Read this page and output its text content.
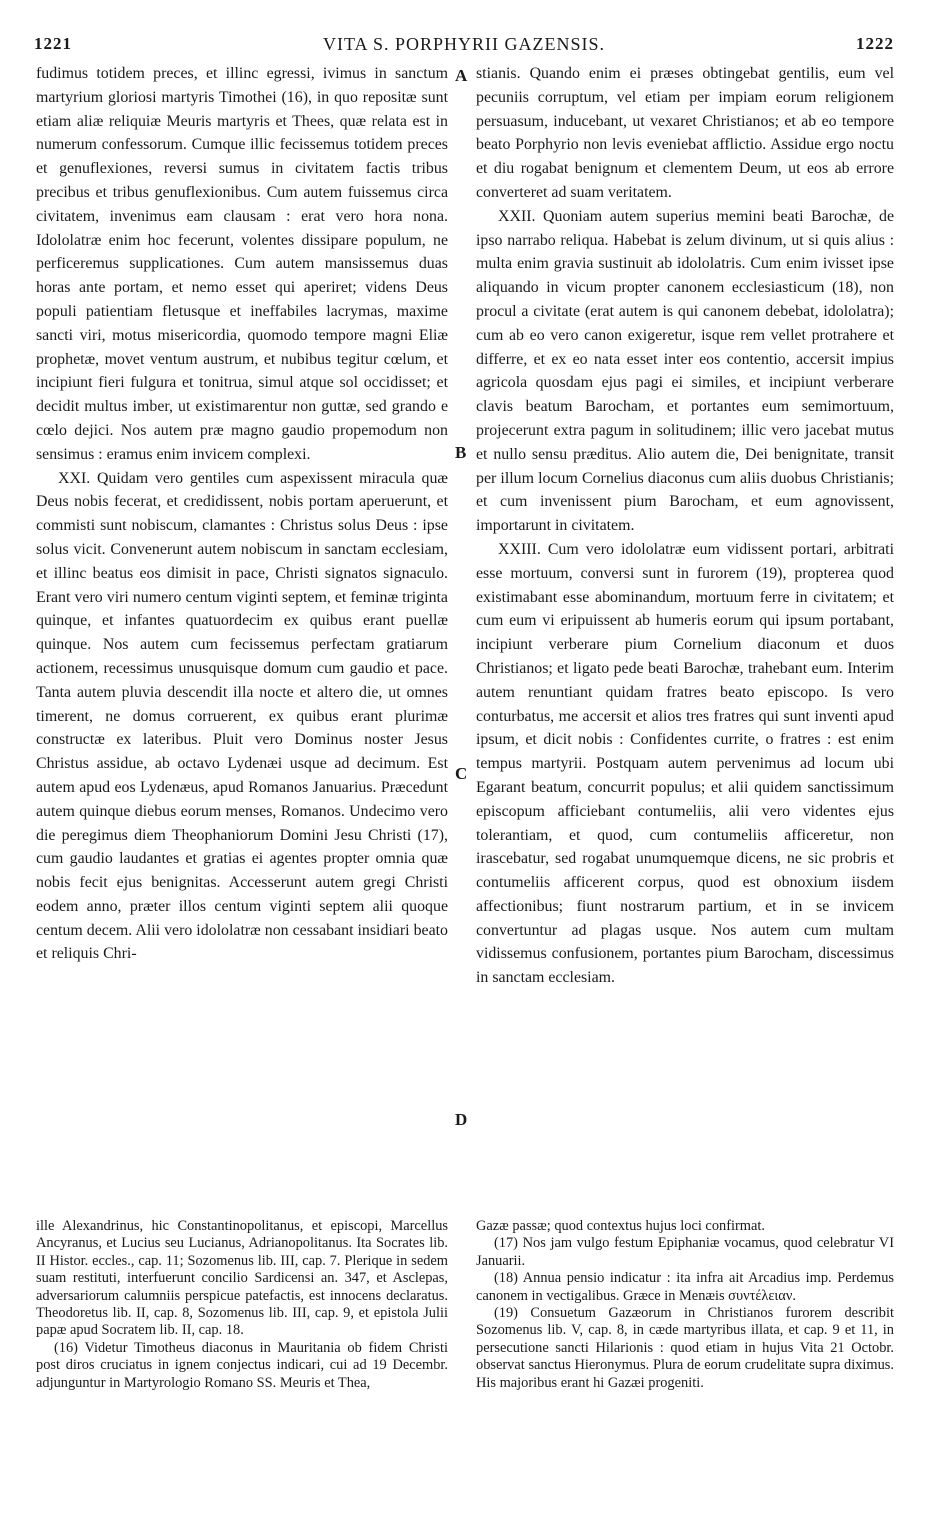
1221	VITA S. PORPHYRII GAZENSIS.	1222

fudimus totidem preces, et illinc egressi, ivimus in sanctum martyrium gloriosi martyris Timothei (16), in quo repositæ sunt etiam aliæ reliquiæ Meuris martyris et Thees, quæ relata est in numerum confessorum. Cumque illic fecissemus totidem preces et genuflexiones, reversi sumus in civitatem factis tribus precibus et tribus genuflexionibus. Cum autem fuissemus circa civitatem, invenimus eam clausam : erat vero hora nona. Idololatræ enim hoc fecerunt, volentes dissipare populum, ne perficeremus supplicationes. Cum autem mansissemus duas horas ante portam, et nemo esset qui aperiret; videns Deus populi patientiam fletusque et ineffabiles lacrymas, maxime sancti viri, motus misericordia, quomodo tempore magni Eliæ prophetæ, movet ventum austrum, et nubibus tegitur cœlum, et incipiunt fieri fulgura et tonitrua, simul atque sol occidisset; et decidit multus imber, ut existimarentur non guttæ, sed grando e cœlo dejici. Nos autem præ magno gaudio propemodum non sensimus : eramus enim invicem complexi.

XXI. Quidam vero gentiles cum aspexissent miracula quæ Deus nobis fecerat, et credidissent, nobis portam aperuerunt, et commisti sunt nobiscum, clamantes : Christus solus Deus : ipse solus vicit. Convenerunt autem nobiscum in sanctam ecclesiam, et illinc beatus eos dimisit in pace, Christi signatos signaculo. Erant vero viri numero centum viginti septem, et feminæ triginta quinque, et infantes quatuordecim ex quibus erant puellæ quinque. Nos autem cum fecissemus perfectam gratiarum actionem, recessimus unusquisque domum cum gaudio et pace. Tanta autem pluvia descendit illa nocte et altero die, ut omnes timerent, ne domus corruerent, ex quibus erant plurimæ constructæ ex lateribus. Pluit vero Dominus noster Jesus Christus assidue, ab octavo Lydenæi usque ad decimum. Est autem apud eos Lydenæus, apud Romanos Januarius. Præcedunt autem quinque diebus eorum menses, Romanos. Undecimo vero die peregimus diem Theophaniorum Domini Jesu Christi (17), cum gaudio laudantes et gratias ei agentes propter omnia quæ nobis fecit ejus benignitas. Accesserunt autem gregi Christi eodem anno, præter illos centum viginti septem alii quoque centum decem. Alii vero idololatræ non cessabant insidiari beato et reliquis Chri-

stianis. Quando enim ei præses obtingebat gentilis, eum vel pecuniis corruptum, vel etiam per impiam eorum religionem persuasum, inducebant, ut vexaret Christianos; et ab eo tempore beato Porphyrio non levis eveniebat afflictio. Assidue ergo noctu et diu rogabat benignum et clementem Deum, ut eos ab errore converteret ad suam veritatem.

XXII. Quoniam autem superius memini beati Barochæ, de ipso narrabo reliqua. Habebat is zelum divinum, ut si quis alius : multa enim gravia sustinuit ab idololatris. Cum enim ivisset ipse aliquando in vicum propter canonem ecclesiasticum (18), non procul a civitate (erat autem is qui canonem debebat, idololatra); cum ab eo vero canon exigeretur, isque rem vellet protrahere et differre, et ex eo nata esset inter eos contentio, accersit impius agricola quosdam ejus pagi ei similes, et incipiunt verberare clavis beatum Barocham, et portantes eum semimortuum, projecerunt extra pagum in solitudinem; illic vero jacebat mutus et nullo sensu præditus. Alio autem die, Dei benignitate, transit per illum locum Cornelius diaconus cum aliis duobus Christianis; et cum invenissent pium Barocham, et eum agnovissent, importarunt in civitatem.

XXIII. Cum vero idololatræ eum vidissent portari, arbitrati esse mortuum, conversi sunt in furorem (19), propterea quod existimabant esse abominandum, mortuum ferre in civitatem; et cum eum vi eripuissent ab humeris eorum qui ipsum portabant, incipiunt verberare pium Cornelium diaconum et duos Christianos; et ligato pede beati Barochæ, trahebant eum. Interim autem renuntiant quidam fratres beato episcopo. Is vero conturbatus, me accersit et alios tres fratres qui sunt inventi apud ipsum, et dicit nobis : Confidentes currite, o fratres : est enim tempus martyrii. Postquam autem pervenimus ad locum ubi Egarant beatum, concurrit populus; et alii quidem sanctissimum episcopum afficiebant contumeliis, alii vero videntes ejus tolerantiam, et quod, cum contumeliis afficeretur, non irascebatur, sed rogabat unumquemque dicens, ne sic probris et contumeliis afficerent corpus, quod est obnoxium iisdem affectionibus; fiunt nostrarum partium, et in se invicem convertuntur ad plagas usque. Nos autem cum multam vidissemus confusionem, portantes pium Barocham, discessimus in sanctam ecclesiam.

A
B
C
D

ille Alexandrinus, hic Constantinopolitanus, et episcopi, Marcellus Ancyranus, et Lucius seu Lucianus, Adrianopolitanus. Ita Socrates lib. II Histor. eccles., cap. 11; Sozomenus lib. III, cap. 7. Plerique in sedem suam restituti, interfuerunt concilio Sardicensi an. 347, et Asclepas, adversariorum calumniis perspicue patefactis, est innocens declaratus. Theodoretus lib. II, cap. 8, Sozomenus lib. III, cap. 9, et epistola Julii papæ apud Socratem lib. II, cap. 18.

(16) Videtur Timotheus diaconus in Mauritania ob fidem Christi post diros cruciatus in ignem conjectus indicari, cui ad 19 Decembr. adjunguntur in Martyrologio Romano SS. Meuris et Thea,

Gazæ passæ; quod contextus hujus loci confirmat.

(17) Nos jam vulgo festum Epiphaniæ vocamus, quod celebratur VI Januarii.

(18) Annua pensio indicatur : ita infra ait Arcadius imp. Perdemus canonem in vectigalibus. Græce in Menæis συντέλειαν.

(19) Consuetum Gazæorum in Christianos furorem describit Sozomenus lib. V, cap. 8, in cæde martyribus illata, et cap. 9 et 11, in persecutione sancti Hilarionis : quod etiam in hujus Vita 21 Octobr. observat sanctus Hieronymus. Plura de eorum crudelitate supra diximus. His majoribus erant hi Gazæi progeniti.
